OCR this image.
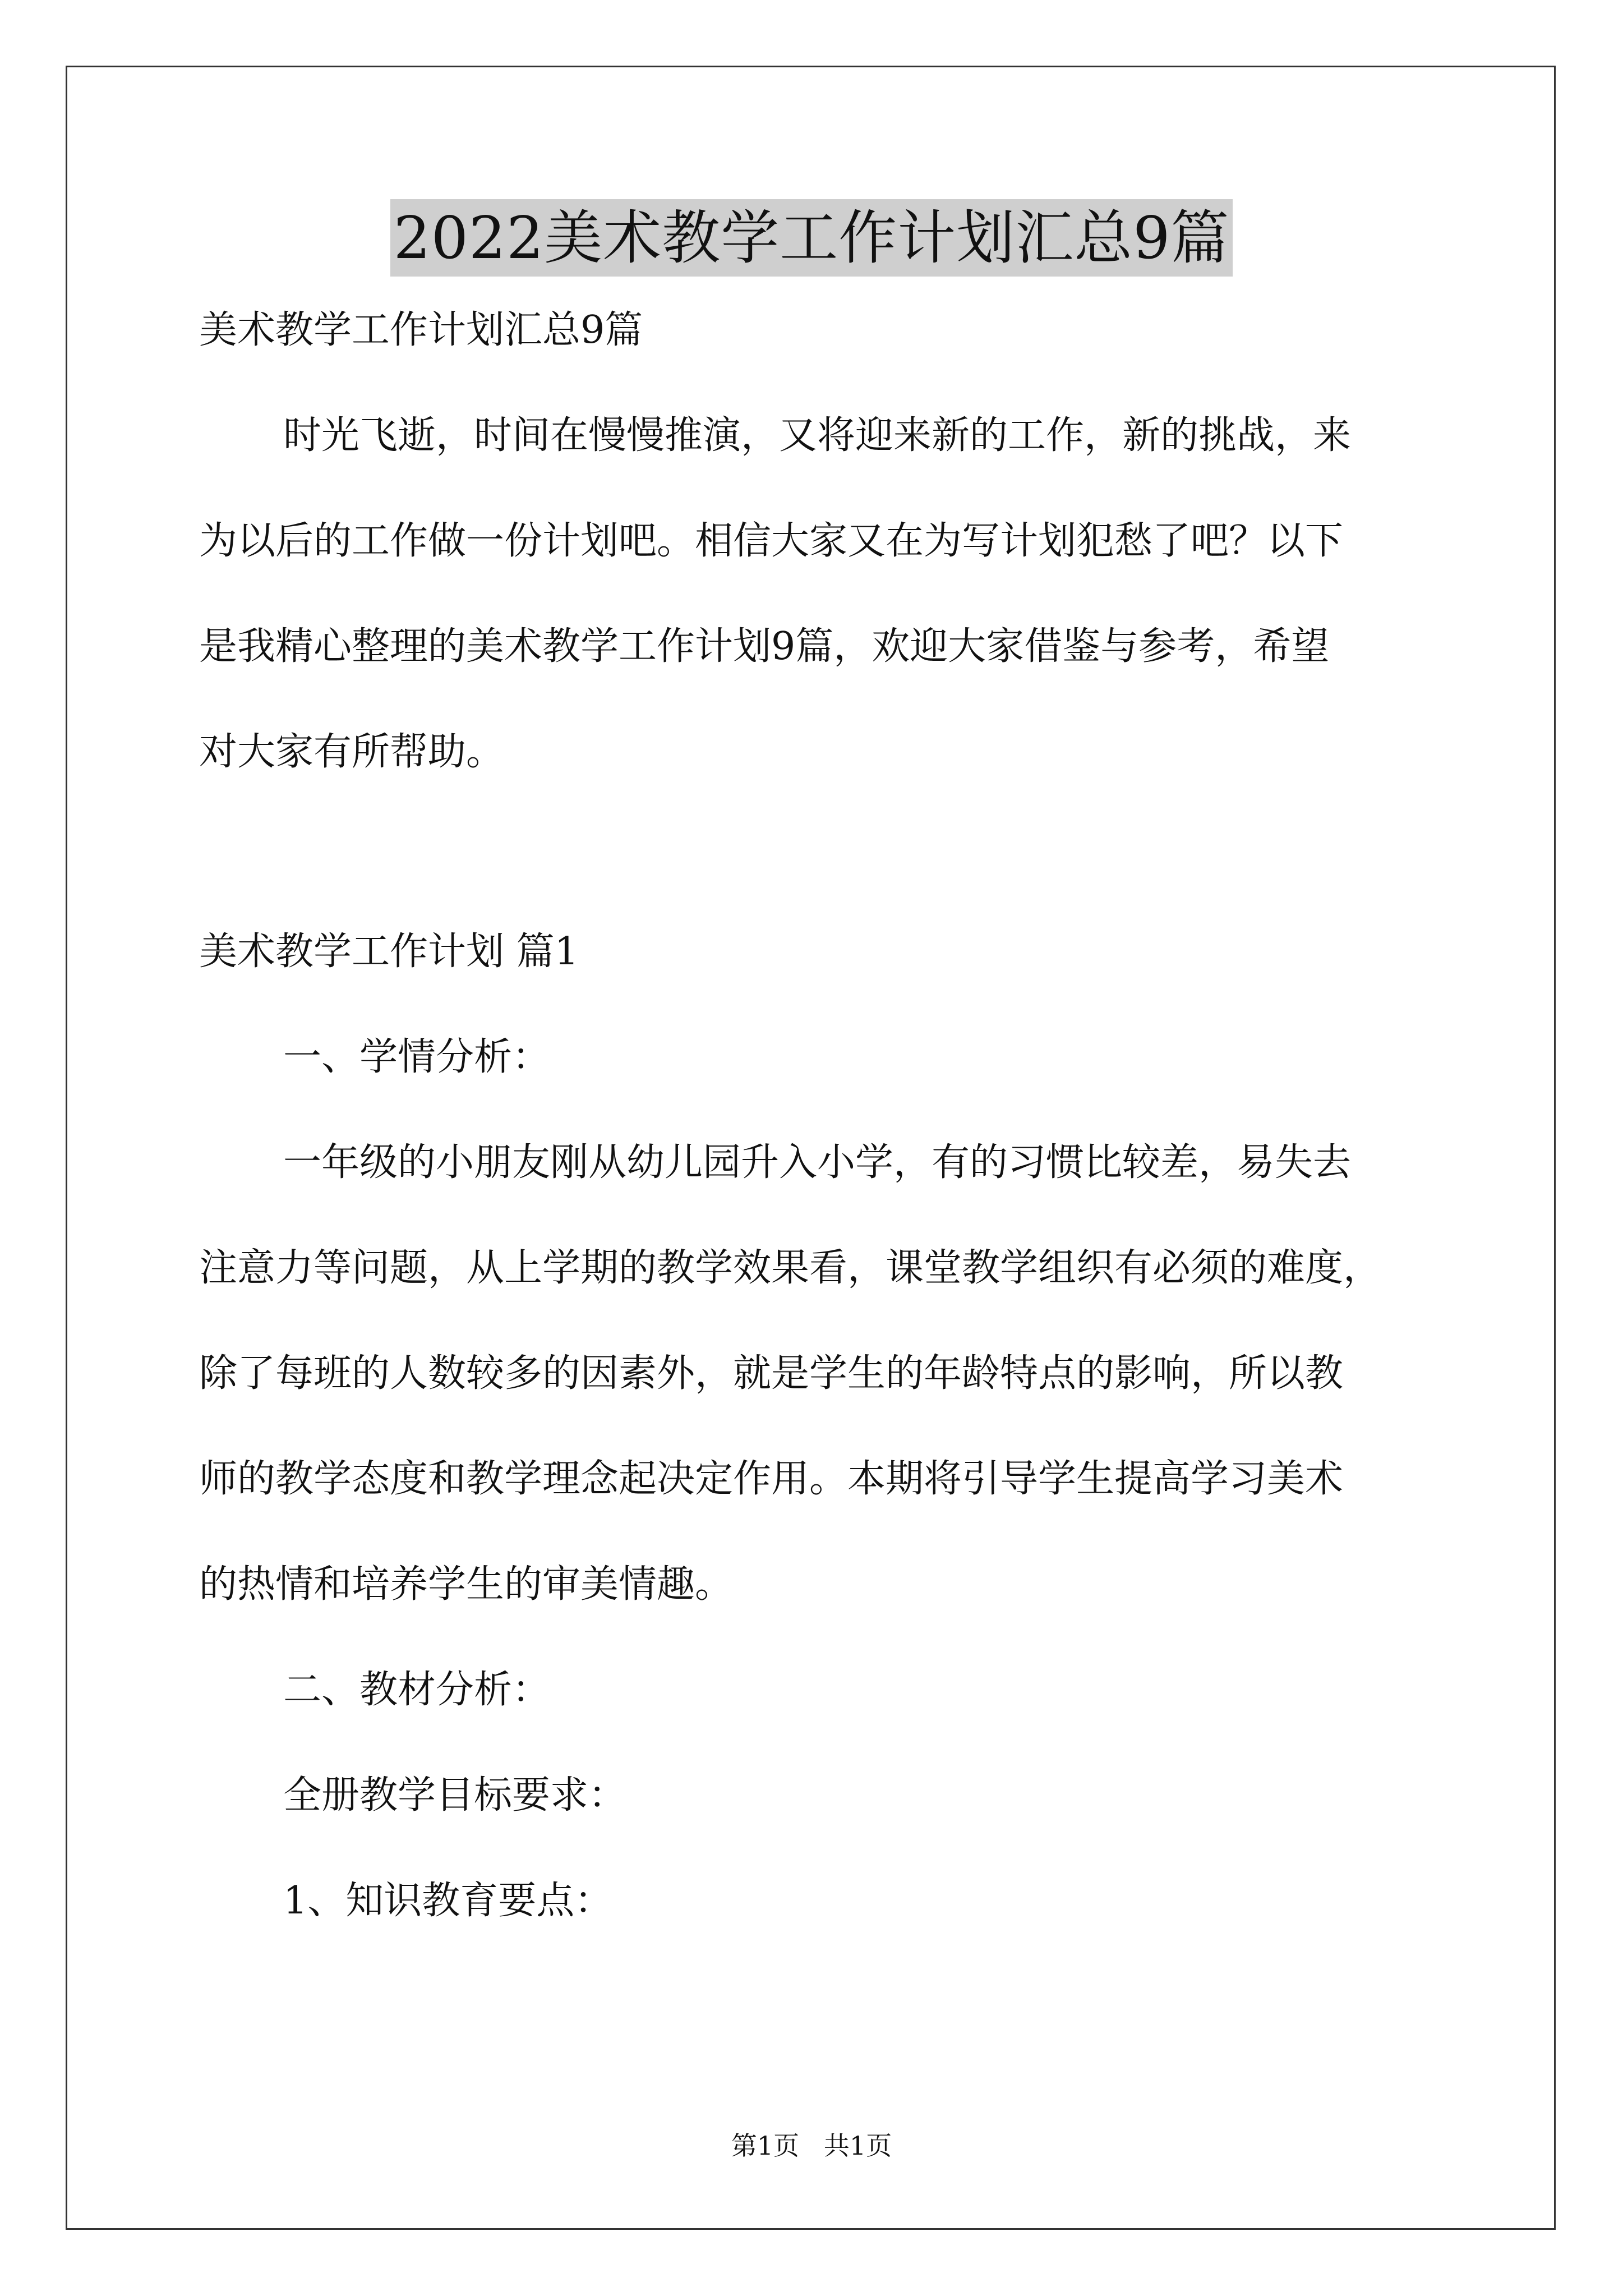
2022美术教学工作计划汇总9篇
美术教学工作计划汇总9篇
时光飞逝，时间在慢慢推演，又将迎来新的工作，新的挑战，来
为以后的工作做一份计划吧。相信大家又在为写计划犯愁了吧？以下
是我精心整理的美术教学工作计划9篇，欢迎大家借鉴与参考，希望
对大家有所帮助。
美术教学工作计划 篇1
一、学情分析：
一年级的小朋友刚从幼儿园升入小学，有的习惯比较差，易失去
注意力等问题，从上学期的教学效果看，课堂教学组织有必须的难度，
除了每班的人数较多的因素外，就是学生的年龄特点的影响，所以教
师的教学态度和教学理念起决定作用。本期将引导学生提高学习美术
的热情和培养学生的审美情趣。
二、教材分析：
全册教学目标要求：
1、知识教育要点：
第1页   共1页
